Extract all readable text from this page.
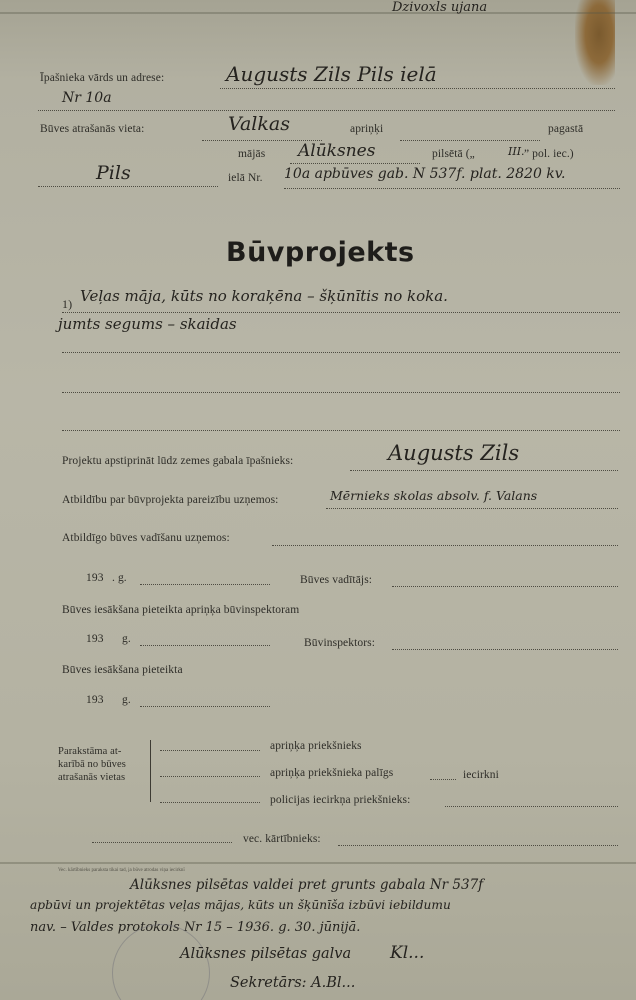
Dzivoxls ujana
Īpašnieka vārds un adrese:	Augusts Zils Pils ielā
Nr 10a
Būves atrašanās vieta:	Valkas	apriņķi	pagastā
mājās Alūksnes	pilsētā („	III. ” pol. iec.)
Pils	ielā Nr. 10a apbūves gab. N 537f. plat. 2820 kv.
Būvprojekts
1) Veļas māja, kūts no koraķēna – šķūnītis no koka.
jumts segums – skaidas
Projektu apstiprināt lūdz zemes gabala īpašnieks:	Augusts Zils
Atbildību par būvprojekta pareizību uzņemos:	Mērnieks skolas absolv. f. Valans
Atbildīgo būves vadīšanu uzņemos:
193 . g.	Būves vadītājs:
Būves iesākšana pieteikta apriņķa būvinspektoram
193 g.	Būvinspektors:
Būves iesākšana pieteikta
193 g.
Parakstāma at-
karībā no būves
atrašanās vietas
apriņķa priekšnieks
apriņķa priekšnieka palīgs	iecirkni
policijas iecirkņa priekšnieks:
vec. kārtībnieks:
Vec. kārtībnieks paraksta tikai tad, ja būve atrodas viņa iecirknī
Alūksnes pilsētas valdei pret grunts gabala Nr 537f
apbūvi un projektētas veļas mājas, kūts un šķūnīša izbūvi iebildumu
nav. – Valdes protokols Nr 15 – 1936. g. 30. jūnijā.
Alūksnes pilsētas galva Kl...
Sekretārs: A.Bl...
